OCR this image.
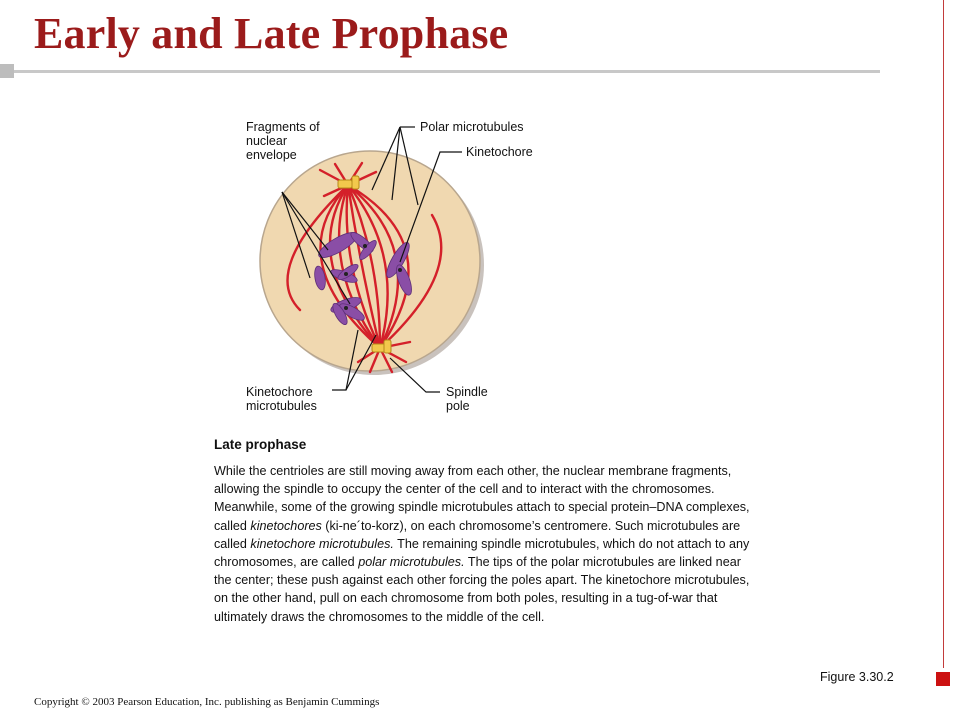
Early and Late Prophase
Fragments of
nuclear
envelope
Polar microtubules
Kinetochore
Kinetochore
microtubules
Spindle
pole
Late prophase

While the centrioles are still moving away from each other, the nuclear membrane fragments, allowing the spindle to occupy the center of the cell and to interact with the chromosomes. Meanwhile, some of the growing spindle microtubules attach to special protein–DNA complexes, called kinetochores (ki-ne´to-korz), on each chromosome’s centromere. Such microtubules are called kinetochore microtubules. The remaining spindle microtubules, which do not attach to any chromosomes, are called polar microtubules. The tips of the polar microtubules are linked near the center; these push against each other forcing the poles apart. The kinetochore microtubules, on the other hand, pull on each chromosome from both poles, resulting in a tug-of-war that ultimately draws the chromosomes to the middle of the cell.

Figure 3.30.2
Copyright © 2003 Pearson Education, Inc. publishing as Benjamin Cummings
